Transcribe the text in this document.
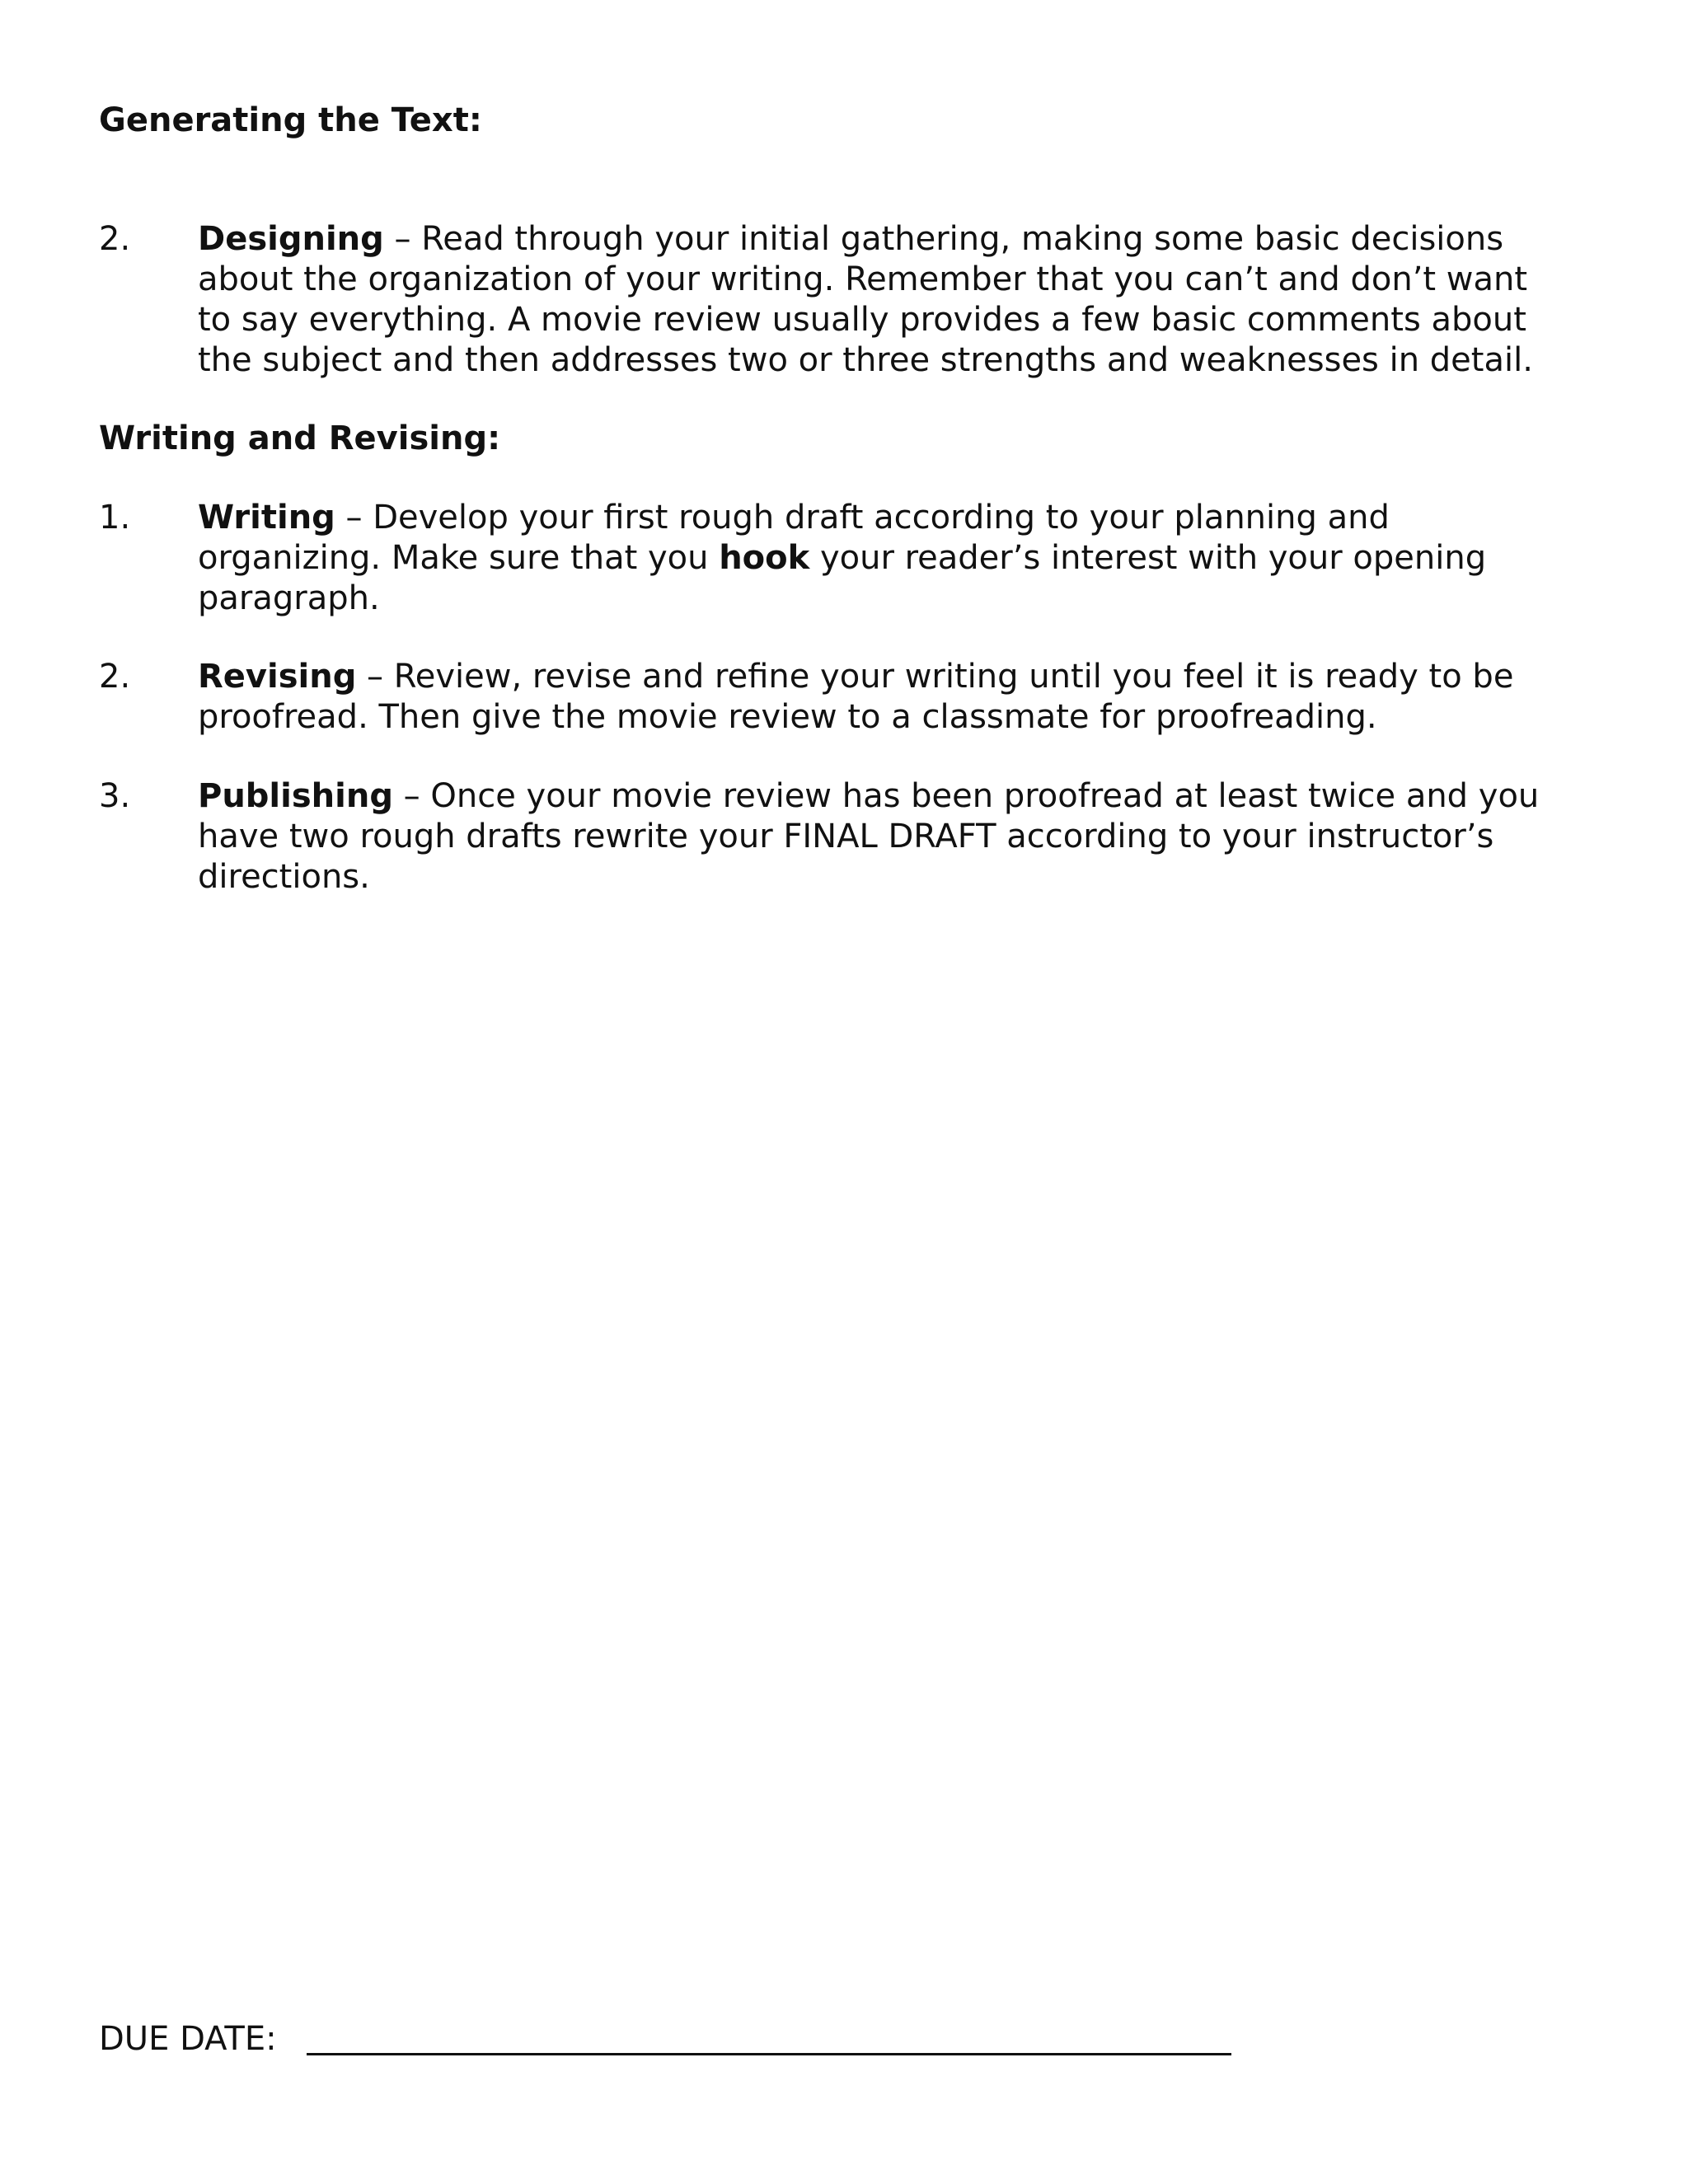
Generating the Text:
2.	Designing – Read through your initial gathering, making some basic decisions about the organization of your writing. Remember that you can’t and don’t want to say everything. A movie review usually provides a few basic comments about the subject and then addresses two or three strengths and weaknesses in detail.
Writing and Revising:
1.	Writing – Develop your first rough draft according to your planning and organizing. Make sure that you hook your reader’s interest with your opening paragraph.
2.	Revising – Review, revise and refine your writing until you feel it is ready to be proofread. Then give the movie review to a classmate for proofreading.
3.	Publishing – Once your movie review has been proofread at least twice and you have two rough drafts rewrite your FINAL DRAFT according to your instructor’s directions.
DUE DATE:
